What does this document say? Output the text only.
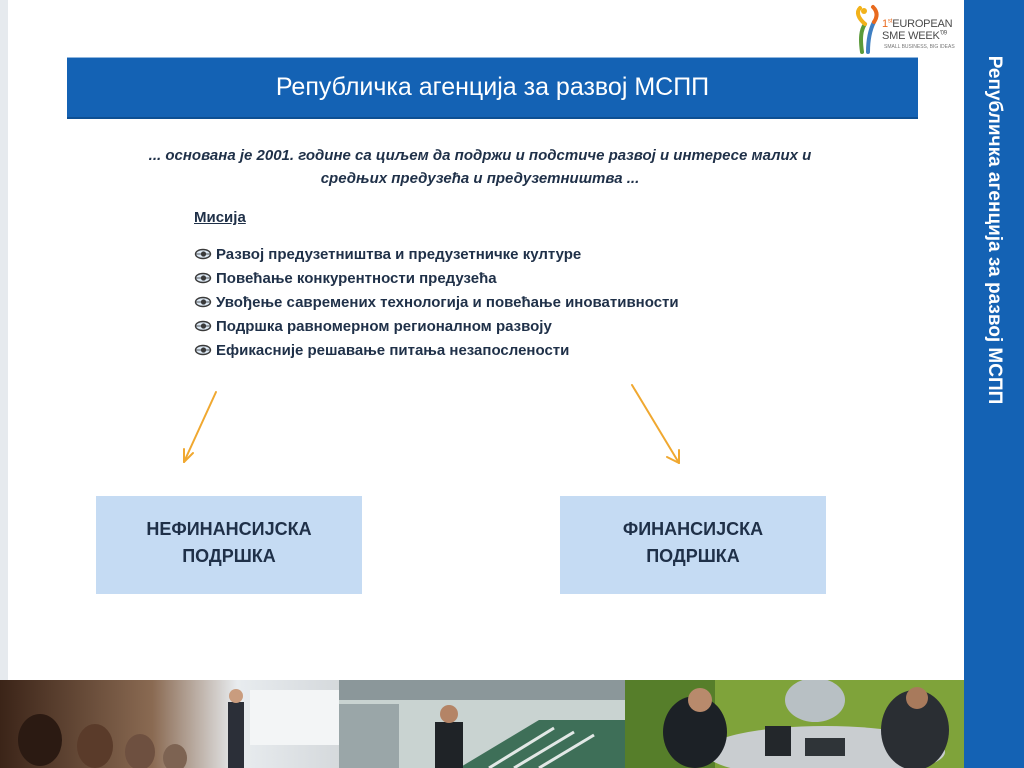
Републичка агенција за развој МСПП
1stEUROPEAN
SME $WEEK^{'09}$
SMALL BUSINESS, BIG IDEAS
Републичка агенција за развој МСПП
... основана је 2001. године са циљем да подржи и подстиче развој и интересе малих и средњих предузећа и предузетништва ...
Мисија
Развој предузетништва и предузетничке културе
Повећање конкурентности предузећа
Увођење савремених технологија и повећање иновативности
Подршка равномерном регионалном развоју
Ефикасније решавање питања незапослености
НЕФИНАНСИЈСКА
ПОДРШКА
ФИНАНСИЈСКА
ПОДРШКА
